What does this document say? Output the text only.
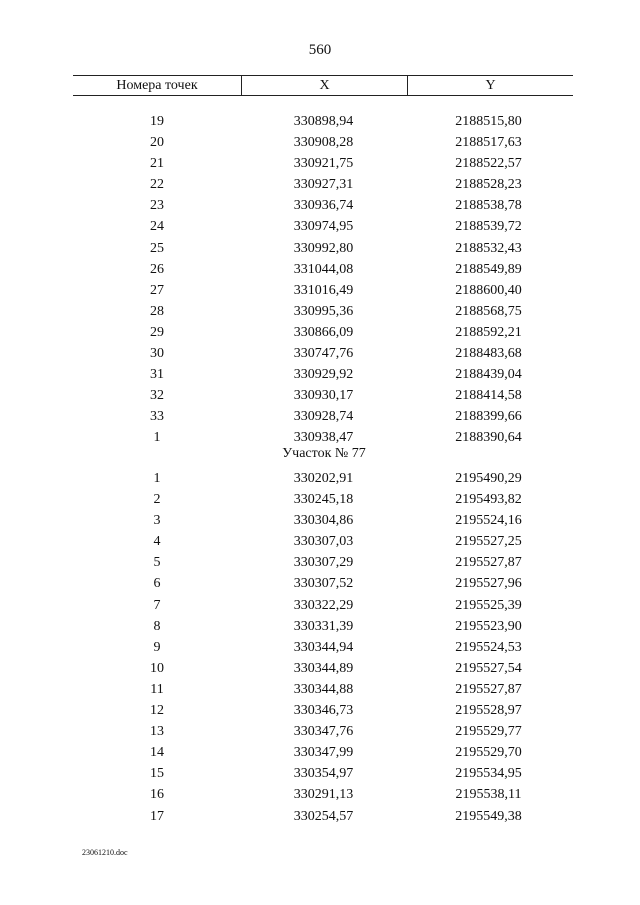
560
Номера точек	X	Y
19	330898,94	2188515,80
20	330908,28	2188517,63
21	330921,75	2188522,57
22	330927,31	2188528,23
23	330936,74	2188538,78
24	330974,95	2188539,72
25	330992,80	2188532,43
26	331044,08	2188549,89
27	331016,49	2188600,40
28	330995,36	2188568,75
29	330866,09	2188592,21
30	330747,76	2188483,68
31	330929,92	2188439,04
32	330930,17	2188414,58
33	330928,74	2188399,66
1	330938,47	2188390,64
Участок № 77
1	330202,91	2195490,29
2	330245,18	2195493,82
3	330304,86	2195524,16
4	330307,03	2195527,25
5	330307,29	2195527,87
6	330307,52	2195527,96
7	330322,29	2195525,39
8	330331,39	2195523,90
9	330344,94	2195524,53
10	330344,89	2195527,54
11	330344,88	2195527,87
12	330346,73	2195528,97
13	330347,76	2195529,77
14	330347,99	2195529,70
15	330354,97	2195534,95
16	330291,13	2195538,11
17	330254,57	2195549,38
23061210.doc
